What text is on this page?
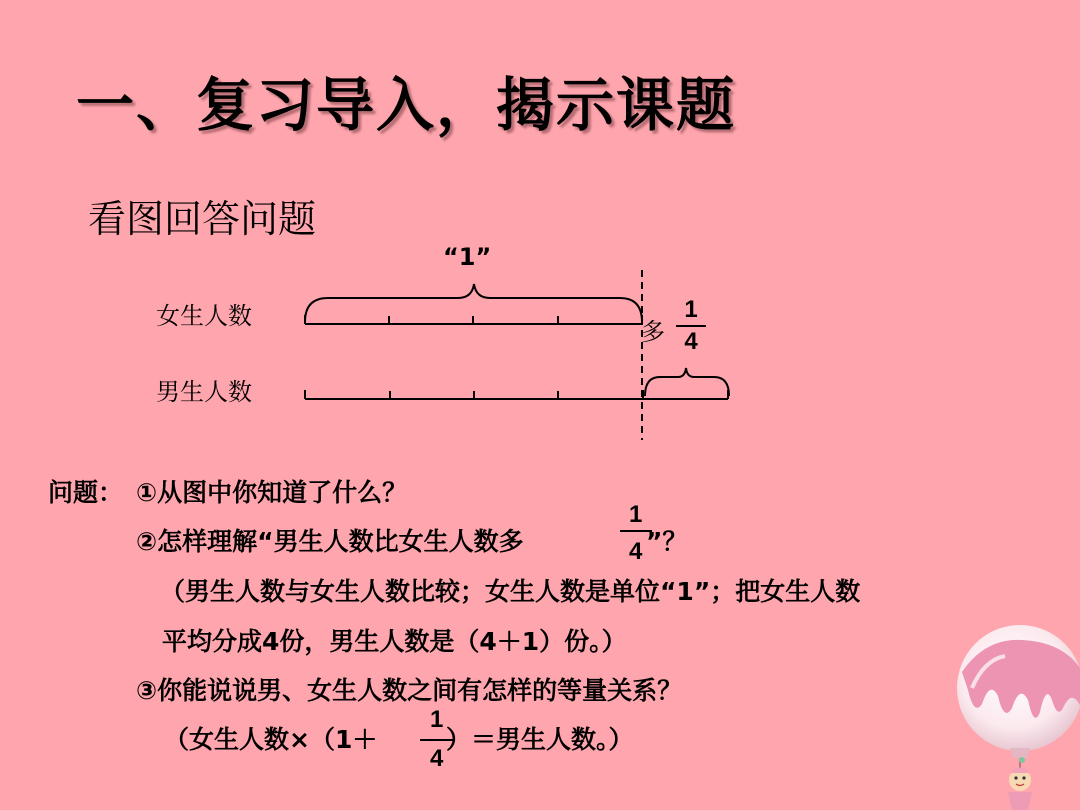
一、复习导入，揭示课题
看图回答问题
“1”
女生人数
男生人数
多
1
4
问题： ①从图中你知道了什么？
②怎样理解“男生人数比女生人数多
1
4 ”？
（男生人数与女生人数比较；女生人数是单位“1”；把女生人数
平均分成4份，男生人数是（4＋1）份。）
③你能说说男、女生人数之间有怎样的等量关系？
（女生人数×（1＋
1
4
）＝男生人数。）
